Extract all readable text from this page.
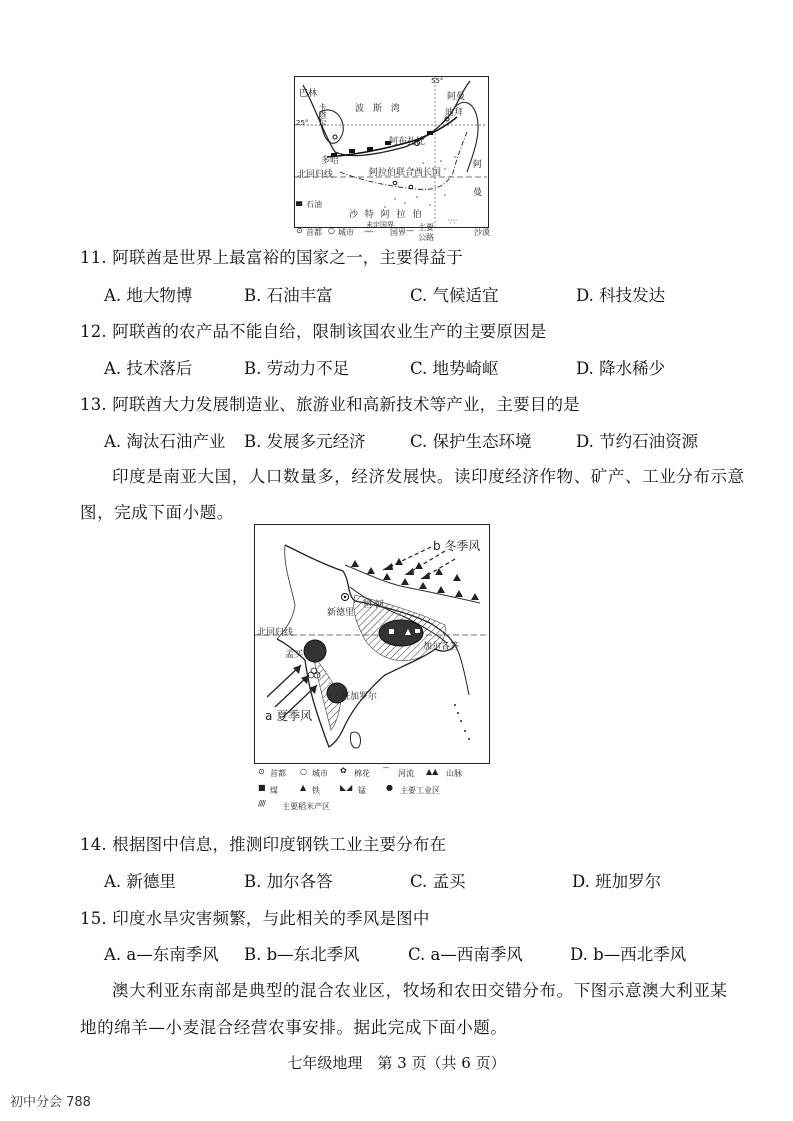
巴林
卡塔尔	波 斯 湾
55°
阿曼
迪拜
25°
多哈
阿布扎比
阿
曼
北回归线	阿拉伯联合酋长国
沙 特 阿 拉 伯
▄ 石油
⊙ 首都 ○ 城市
未定国界
-·-·- 国界 — 主要
公路
∵∵
沙漠
11. 阿联酋是世界上最富裕的国家之一，主要得益于
A. 地大物博	B. 石油丰富	C. 气候适宜	D. 科技发达
12. 阿联酋的农产品不能自给，限制该国农业生产的主要原因是
A. 技术落后	B. 劳动力不足	C. 地势崎岖	D. 降水稀少
13. 阿联酋大力发展制造业、旅游业和高新技术等产业，主要目的是
A. 淘汰石油产业 B. 发展多元经济	C. 保护生态环境	D. 节约石油资源
印度是南亚大国，人口数量多，经济发展快。读印度经济作物、矿产、工业分布示意
图，完成下面小题。
b 冬季风
新德里
恒 河
北回归线
孟买
加尔各答
班加罗尔
a 夏季风
⊙ 首都 ○ 城市 ✿ 棉花 ⌒ 河流 ▲▲ 山脉
■ 煤	▲ 铁	◣◢ 锰	● 主要工业区
//// 主要稻米产区
14. 根据图中信息，推测印度钢铁工业主要分布在
A. 新德里	B. 加尔各答	C. 孟买	D. 班加罗尔
15. 印度水旱灾害频繁，与此相关的季风是图中
A. a—东南季风 B. b—东北季风	C. a—西南季风	D. b—西北季风
澳大利亚东南部是典型的混合农业区，牧场和农田交错分布。下图示意澳大利亚某
地的绵羊—小麦混合经营农事安排。据此完成下面小题。
七年级地理　第 3 页（共 6 页）
初中分会 788
